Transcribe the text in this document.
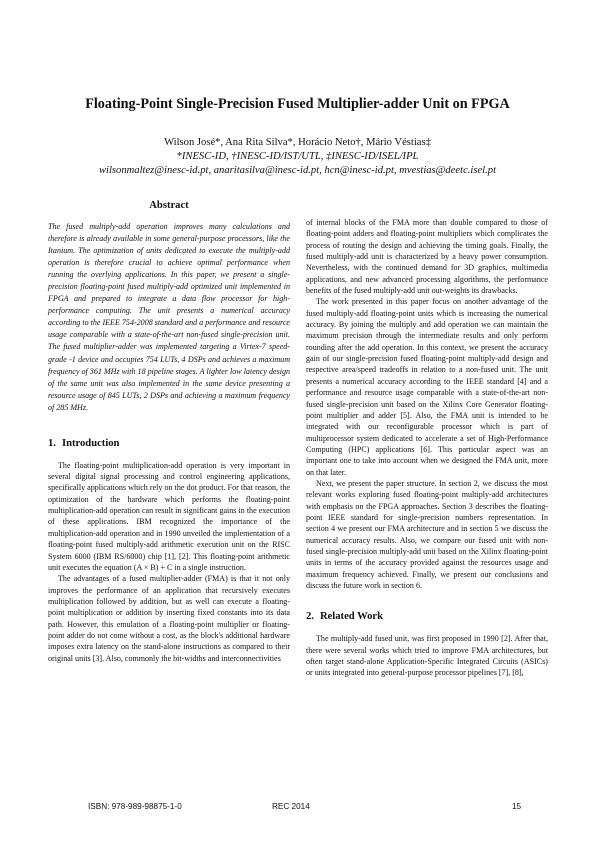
Floating-Point Single-Precision Fused Multiplier-adder Unit on FPGA
Wilson José*, Ana Rita Silva*, Horácio Neto†, Mário Véstias‡
*INESC-ID, †INESC-ID/IST/UTL, ‡INESC-ID/ISEL/IPL
wilsonmaltez@inesc-id.pt, anaritasilva@inesc-id.pt, hcn@inesc-id.pt, mvestias@deetc.isel.pt
Abstract

The fused multiply-add operation improves many calculations and therefore is already available in some general-purpose processors, like the Itanium. The optimization of units dedicated to execute the multiply-add operation is therefore crucial to achieve optimal performance when running the overlying applications. In this paper, we present a single-precision floating-point fused multiply-add optimized unit implemented in FPGA and prepared to integrate a data flow processor for high-performance computing. The unit presents a numerical accuracy according to the IEEE 754-2008 standard and a performance and resource usage comparable with a state-of-the-art non-fused single-precision unit. The fused multiplier-adder was implemented targeting a Virtex-7 speed-grade -1 device and occupies 754 LUTs, 4 DSPs and achieves a maximum frequency of 361 MHz with 18 pipeline stages. A lighter low latency design of the same unit was also implemented in the same device presenting a resource usage of 845 LUTs, 2 DSPs and achieving a maximum frequency of 285 MHz.

1. Introduction

The floating-point multiplication-add operation is very important in several digital signal processing and control engineering applications, specifically applications which rely on the dot product. For that reason, the optimization of the hardware which performs the floating-point multiplication-add operation can result in significant gains in the execution of these applications. IBM recognized the importance of the multiplication-add operation and in 1990 unveiled the implementation of a floating-point fused multiply-add arithmetic execution unit on the RISC System 6000 (IBM RS/6000) chip [1], [2]. This floating-point arithmetic unit executes the equation (A × B) + C in a single instruction.

The advantages of a fused multiplier-adder (FMA) is that it not only improves the performance of an application that recursively executes multiplication followed by addition, but as well can execute a floating-point multiplication or addition by inserting fixed constants into its data path. However, this emulation of a floating-point multiplier or floating-point adder do not come without a cost, as the block's additional hardware imposes extra latency on the stand-alone instructions as compared to their original units [3]. Also, commonly the bit-widths and interconnectivities

of internal blocks of the FMA more than double compared to those of floating-point adders and floating-point multipliers which complicates the process of routing the design and achieving the timing goals. Finally, the fused multiply-add unit is characterized by a heavy power consumption. Nevertheless, with the continued demand for 3D graphics, multimedia applications, and new advanced processing algorithms, the performance benefits of the fused multiply-add unit out-weights its drawbacks.

The work presented in this paper focus on another advantage of the fused multiply-add floating-point units which is increasing the numerical accuracy. By joining the multiply and add operation we can maintain the maximum precision through the intermediate results and only perform rounding after the add operation. In this context, we present the accuracy gain of our single-precision fused floating-point multiply-add design and respective area/speed tradeoffs in relation to a non-fused unit. The unit presents a numerical accuracy according to the IEEE standard [4] and a performance and resource usage comparable with a state-of-the-art non-fused single-precision unit based on the Xilinx Core Generator floating-point multiplier and adder [5]. Also, the FMA unit is intended to be integrated with our reconfigurable processor which is part of multiprocessor system dedicated to accelerate a set of High-Performance Computing (HPC) applications [6]. This particular aspect was an important one to take into account when we designed the FMA unit, more on that later.

Next, we present the paper structure. In section 2, we discuss the most relevant works exploring fused floating-point multiply-add architectures with emphasis on the FPGA approaches. Section 3 describes the floating-point IEEE standard for single-precision numbers representation. In section 4 we present our FMA architecture and in section 5 we discuss the numerical accuracy results. Also, we compare our fused unit with non-fused single-precision multiply-add unit based on the Xilinx floating-point units in terms of the accuracy provided against the resources usage and maximum frequency achieved. Finally, we present our conclusions and discuss the future work in section 6.

2. Related Work

The multiply-add fused unit, was first proposed in 1990 [2]. After that, there were several works which tried to improve FMA architectures, but often target stand-alone Application-Specific Integrated Circuits (ASICs) or units integrated into general-purpose processor pipelines [7], [8],

ISBN: 978-989-98875-1-0	REC 2014	15
